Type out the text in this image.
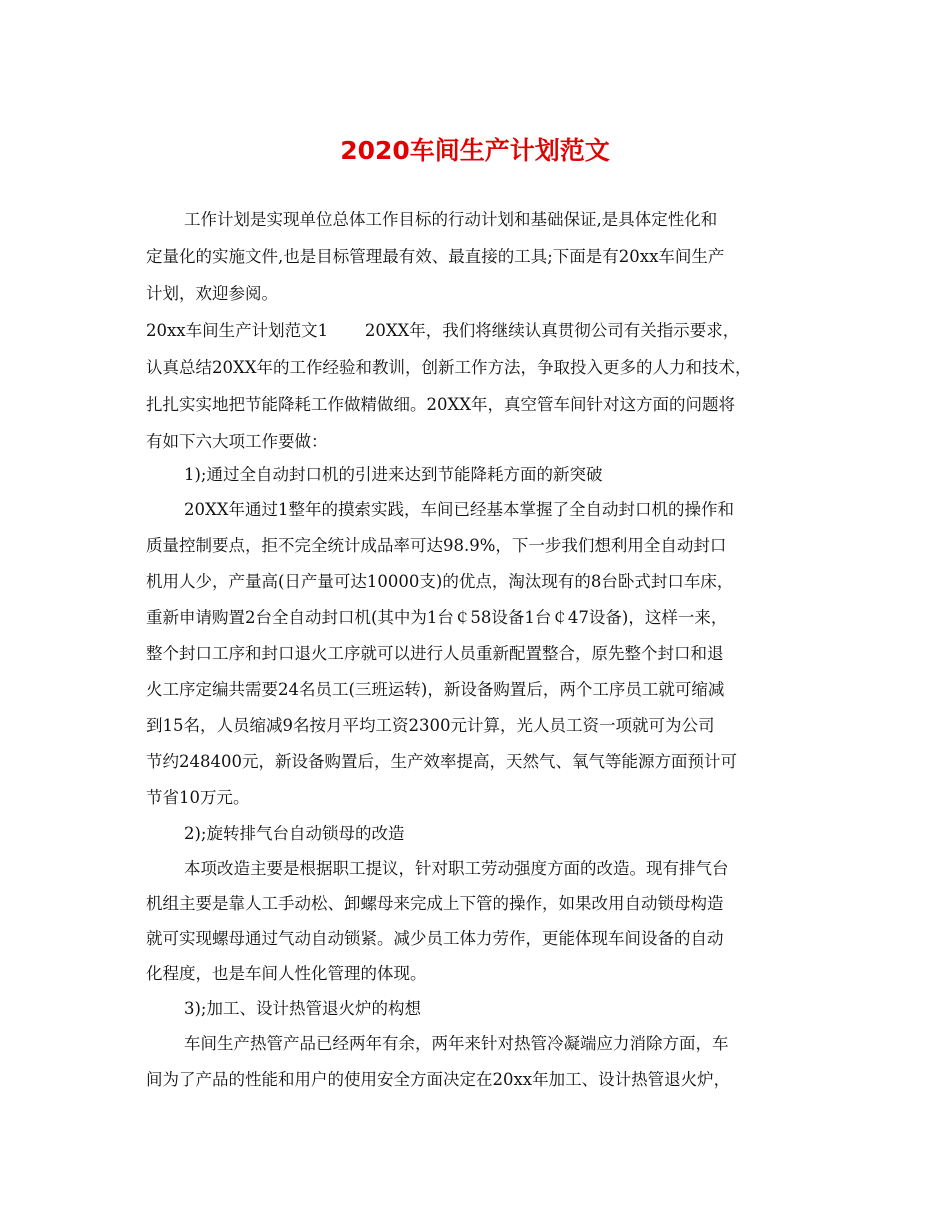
2020车间生产计划范文
工作计划是实现单位总体工作目标的行动计划和基础保证,是具体定性化和
定量化的实施文件,也是目标管理最有效、最直接的工具;下面是有20xx车间生产
计划，欢迎参阅。
20xx车间生产计划范文1       20XX年，我们将继续认真贯彻公司有关指示要求，
认真总结20XX年的工作经验和教训，创新工作方法，争取投入更多的人力和技术，
扎扎实实地把节能降耗工作做精做细。20XX年，真空管车间针对这方面的问题将
有如下六大项工作要做：
1);通过全自动封口机的引进来达到节能降耗方面的新突破
20XX年通过1整年的摸索实践，车间已经基本掌握了全自动封口机的操作和
质量控制要点，拒不完全统计成品率可达98.9%，下一步我们想利用全自动封口
机用人少，产量高(日产量可达10000支)的优点，淘汰现有的8台卧式封口车床，
重新申请购置2台全自动封口机(其中为1台￠58设备1台￠47设备)，这样一来，
整个封口工序和封口退火工序就可以进行人员重新配置整合，原先整个封口和退
火工序定编共需要24名员工(三班运转)，新设备购置后，两个工序员工就可缩减
到15名，人员缩减9名按月平均工资2300元计算，光人员工资一项就可为公司
节约248400元，新设备购置后，生产效率提高，天然气、氧气等能源方面预计可
节省10万元。
2);旋转排气台自动锁母的改造
本项改造主要是根据职工提议，针对职工劳动强度方面的改造。现有排气台
机组主要是靠人工手动松、卸螺母来完成上下管的操作，如果改用自动锁母构造
就可实现螺母通过气动自动锁紧。减少员工体力劳作，更能体现车间设备的自动
化程度，也是车间人性化管理的体现。
3);加工、设计热管退火炉的构想
车间生产热管产品已经两年有余，两年来针对热管冷凝端应力消除方面，车
间为了产品的性能和用户的使用安全方面决定在20xx年加工、设计热管退火炉，
